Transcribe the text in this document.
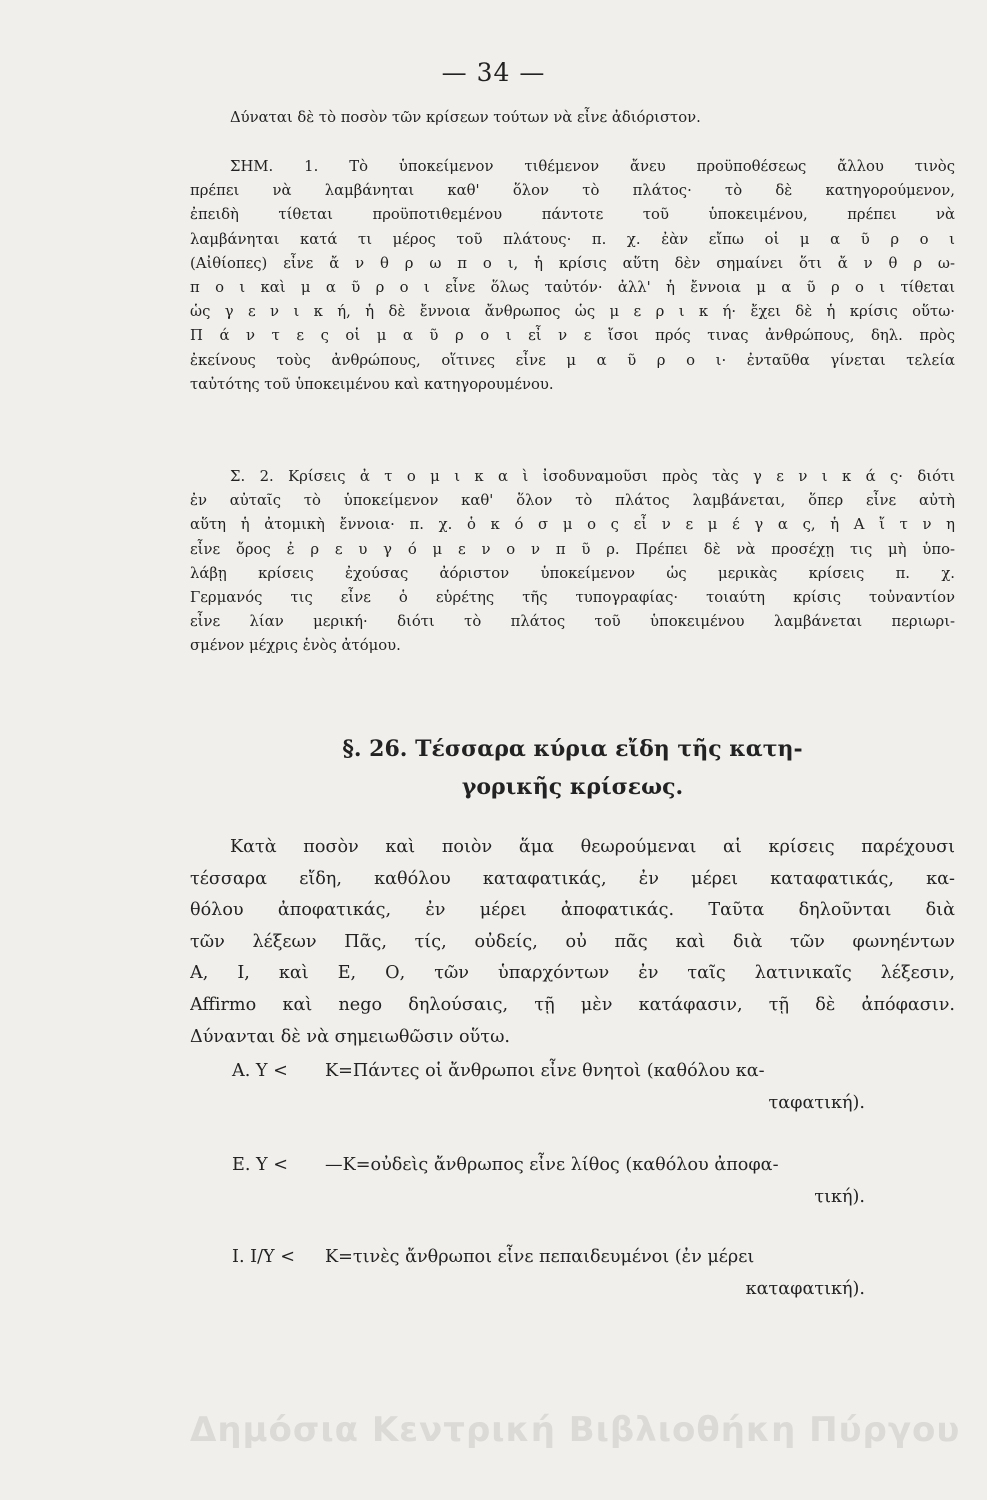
— 34 —
Δύναται δὲ τὸ ποσὸν τῶν κρίσεων τούτων νὰ εἶνε ἀδιόριστον.
ΣΗΜ. 1. Τὸ ὑποκείμενον τιθέμενον ἄνευ προϋποθέσεως ἄλλου τινὸς
πρέπει νὰ λαμβάνηται καθ' ὅλον τὸ πλάτος· τὸ δὲ κατηγορούμενον,
ἐπειδὴ τίθεται προϋποτιθεμένου πάντοτε τοῦ ὑποκειμένου, πρέπει νὰ
λαμβάνηται κατά τι μέρος τοῦ πλάτους· π. χ. ἐὰν εἴπω οἱ μ α ῦ ρ ο ι
(Αἰθίοπες) εἶνε ἄ ν θ ρ ω π ο ι, ἡ κρίσις αὕτη δὲν σημαίνει ὅτι ἄ ν θ ρ ω-
π ο ι καὶ μ α ῦ ρ ο ι εἶνε ὅλως ταὐτόν· ἀλλ' ἡ ἔννοια μ α ῦ ρ ο ι τίθεται
ὡς γ ε ν ι κ ή, ἡ δὲ ἔννοια ἄνθρωπος ὡς μ ε ρ ι κ ή· ἔχει δὲ ἡ κρίσις οὕτω·
Π ά ν τ ε ς οἱ μ α ῦ ρ ο ι εἶ ν ε ἴσοι πρός τινας ἀνθρώπους, δηλ. πρὸς
ἐκείνους τοὺς ἀνθρώπους, οἵτινες εἶνε μ α ῦ ρ ο ι· ἐνταῦθα γίνεται τελεία
ταὐτότης τοῦ ὑποκειμένου καὶ κατηγορουμένου.
Σ. 2. Κρίσεις ἀ τ ο μ ι κ α ὶ ἰσοδυναμοῦσι πρὸς τὰς γ ε ν ι κ ά ς· διότι
ἐν αὐταῖς τὸ ὑποκείμενον καθ' ὅλον τὸ πλάτος λαμβάνεται, ὅπερ εἶνε αὐτὴ
αὕτη ἡ ἀτομικὴ ἔννοια· π. χ. ὁ κ ό σ μ ο ς εἶ ν ε μ έ γ α ς, ἡ Α ἴ τ ν η
εἶνε ὄρος ἐ ρ ε υ γ ό μ ε ν ο ν π ῦ ρ. Πρέπει δὲ νὰ προσέχῃ τις μὴ ὑπο-
λάβῃ κρίσεις ἐχούσας ἀόριστον ὑποκείμενον ὡς μερικὰς κρίσεις π. χ.
Γερμανός τις εἶνε ὁ εὑρέτης τῆς τυπογραφίας· τοιαύτη κρίσις τοὐναντίον
εἶνε λίαν μερική· διότι τὸ πλάτος τοῦ ὑποκειμένου λαμβάνεται περιωρι-
σμένον μέχρις ἑνὸς ἀτόμου.
§. 26. Τέσσαρα κύρια εἴδη τῆς κατη-
γορικῆς κρίσεως.
Κατὰ ποσὸν καὶ ποιὸν ἅμα θεωρούμεναι αἱ κρίσεις παρέχουσι
τέσσαρα εἴδη, καθόλου καταφατικάς, ἐν μέρει καταφατικάς, κα-
θόλου ἀποφατικάς, ἐν μέρει ἀποφατικάς. Ταῦτα δηλοῦνται διὰ
τῶν λέξεων Πᾶς, τίς, οὐδείς, οὐ πᾶς καὶ διὰ τῶν φωνηέντων
Α, Ι, καὶ Ε, Ο, τῶν ὑπαρχόντων ἐν ταῖς λατινικαῖς λέξεσιν,
Affirmo καὶ nego δηλούσαις, τῇ μὲν κατάφασιν, τῇ δὲ ἀπόφασιν.
Δύνανται δὲ νὰ σημειωθῶσιν οὕτω.
Α. Υ <	Κ=Πάντες οἱ ἄνθρωποι εἶνε θνητοὶ (καθόλου κα-
ταφατική).
Ε. Υ <	—Κ=οὐδεὶς ἄνθρωπος εἶνε λίθος (καθόλου ἀποφα-
τική).
Ι. I/Υ <	Κ=τινὲς ἄνθρωποι εἶνε πεπαιδευμένοι (ἐν μέρει
καταφατική).
Δημόσια Κεντρική Βιβλιοθήκη Πύργου
